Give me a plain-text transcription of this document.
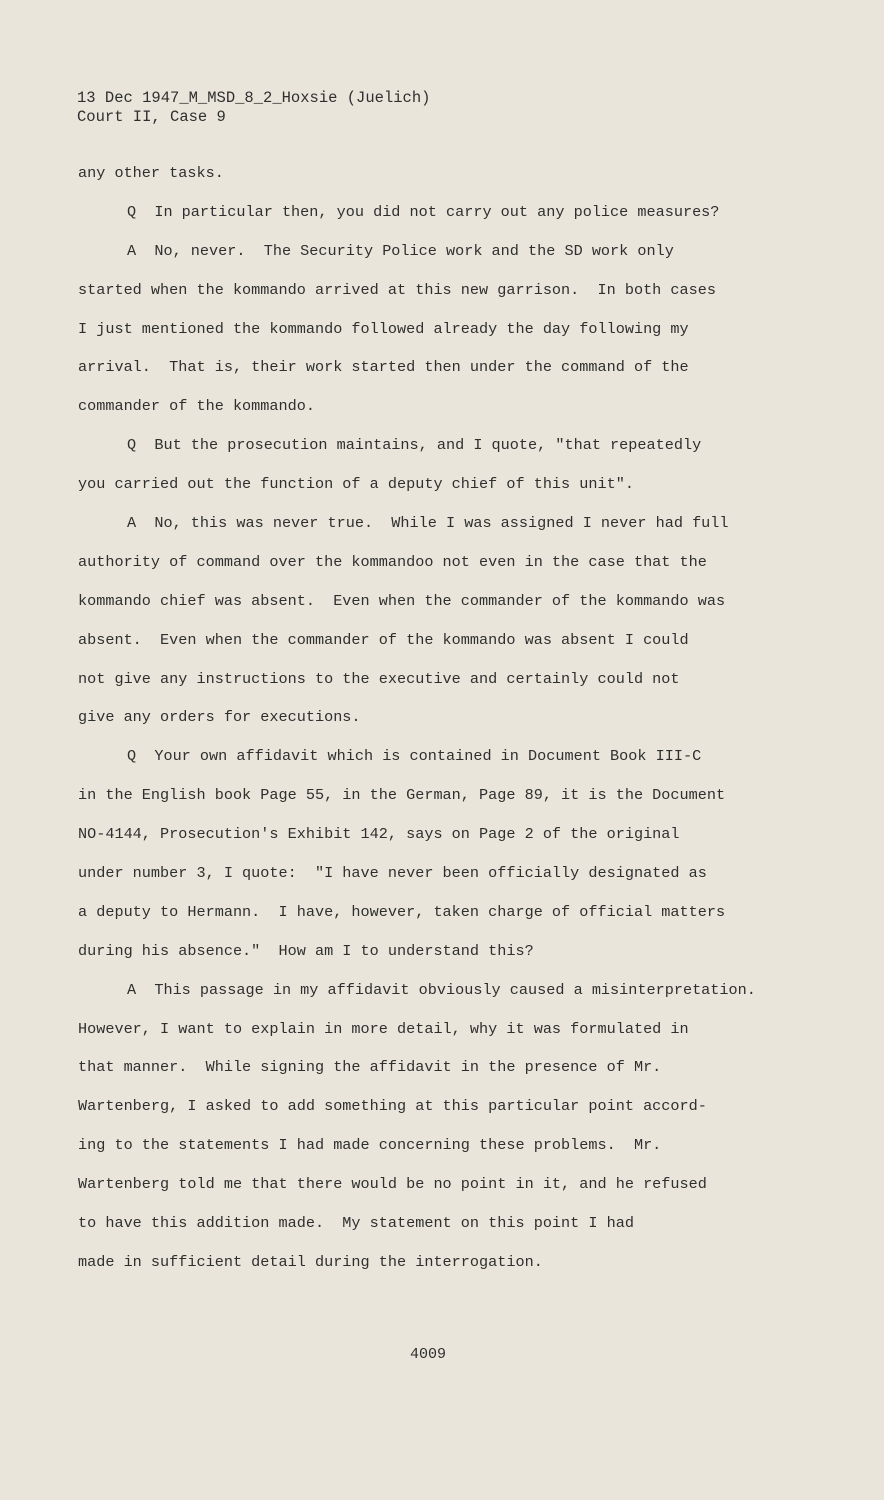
13 Dec 1947_M_MSD_8_2_Hoxsie (Juelich)
Court II, Case 9
any other tasks.
Q  In particular then, you did not carry out any police measures?
A  No, never.  The Security Police work and the SD work only
started when the kommando arrived at this new garrison.  In both cases
I just mentioned the kommando followed already the day following my
arrival.  That is, their work started then under the command of the
commander of the kommando.
Q  But the prosecution maintains, and I quote, "that repeatedly
you carried out the function of a deputy chief of this unit".
A  No, this was never true.  While I was assigned I never had full
authority of command over the kommandoo not even in the case that the
kommando chief was absent.  Even when the commander of the kommando was
absent.  Even when the commander of the kommando was absent I could
not give any instructions to the executive and certainly could not
give any orders for executions.
Q  Your own affidavit which is contained in Document Book III-C
in the English book Page 55, in the German, Page 89, it is the Document
NO-4144, Prosecution's Exhibit 142, says on Page 2 of the original
under number 3, I quote:  "I have never been officially designated as
a deputy to Hermann.  I have, however, taken charge of official matters
during his absence."  How am I to understand this?
A  This passage in my affidavit obviously caused a misinterpretation.
However, I want to explain in more detail, why it was formulated in
that manner.  While signing the affidavit in the presence of Mr.
Wartenberg, I asked to add something at this particular point accord-
ing to the statements I had made concerning these problems.  Mr.
Wartenberg told me that there would be no point in it, and he refused
to have this addition made.  My statement on this point I had
made in sufficient detail during the interrogation.
4009
